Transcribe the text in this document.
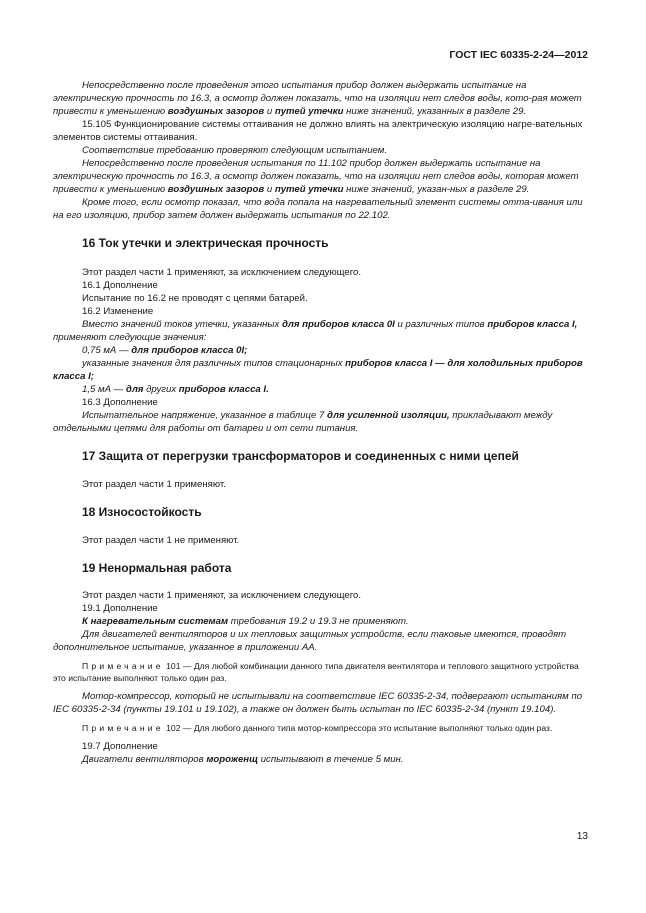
ГОСТ IEC 60335-2-24—2012

Непосредственно после проведения этого испытания прибор должен выдержать испытание на электрическую прочность по 16.3, а осмотр должен показать, что на изоляции нет следов воды, кото-рая может привести к уменьшению воздушных зазоров и путей утечки ниже значений, указанных в разделе 29.

15.105 Функционирование системы оттаивания не должно влиять на электрическую изоляцию нагре-вательных элементов системы оттаивания.

Соответствие требованию проверяют следующим испытанием.

Непосредственно после проведения испытания по 11.102 прибор должен выдержать испытание на электрическую прочность по 16.3, а осмотр должен показать, что на изоляции нет следов воды, которая может привести к уменьшению воздушных зазоров и путей утечки ниже значений, указан-ных в разделе 29.

Кроме того, если осмотр показал, что вода попала на нагревательный элемент системы отта-ивания или на его изоляцию, прибор затем должен выдержать испытания по 22.102.

16 Ток утечки и электрическая прочность

Этот раздел части 1 применяют, за исключением следующего.

16.1 Дополнение

Испытание по 16.2 не проводят с цепями батарей.

16.2 Изменение

Вместо значений токов утечки, указанных для приборов класса 0I и различных типов приборов класса I, применяют следующие значения:

0,75 мА — для приборов класса 0I;

указанные значения для различных типов стационарных приборов класса I — для холодильных приборов класса I;

1,5 мА — для других приборов класса I.

16.3 Дополнение

Испытательное напряжение, указанное в таблице 7 для усиленной изоляции, прикладывают между отдельными цепями для работы от батареи и от сети питания.

17 Защита от перегрузки трансформаторов и соединенных с ними цепей

Этот раздел части 1 применяют.

18 Износостойкость

Этот раздел части 1 не применяют.

19 Ненормальная работа

Этот раздел части 1 применяют, за исключением следующего.

19.1 Дополнение

К нагревательным системам требования 19.2 и 19.3 не применяют.

Для двигателей вентиляторов и их тепловых защитных устройств, если таковые имеются, проводят дополнительное испытание, указанное в приложении АА.

Примечание 101 — Для любой комбинации данного типа двигателя вентилятора и теплового защитного устройства это испытание выполняют только один раз.

Мотор-компрессор, который не испытывали на соответствие IEC 60335-2-34, подвергают испытаниям по IEC 60335-2-34 (пункты 19.101 и 19.102), а также он должен быть испытан по IEC 60335-2-34 (пункт 19.104).

Примечание 102 — Для любого данного типа мотор-компрессора это испытание выполняют только один раз.

19.7 Дополнение

Двигатели вентиляторов мороженщ испытывают в течение 5 мин.

13
